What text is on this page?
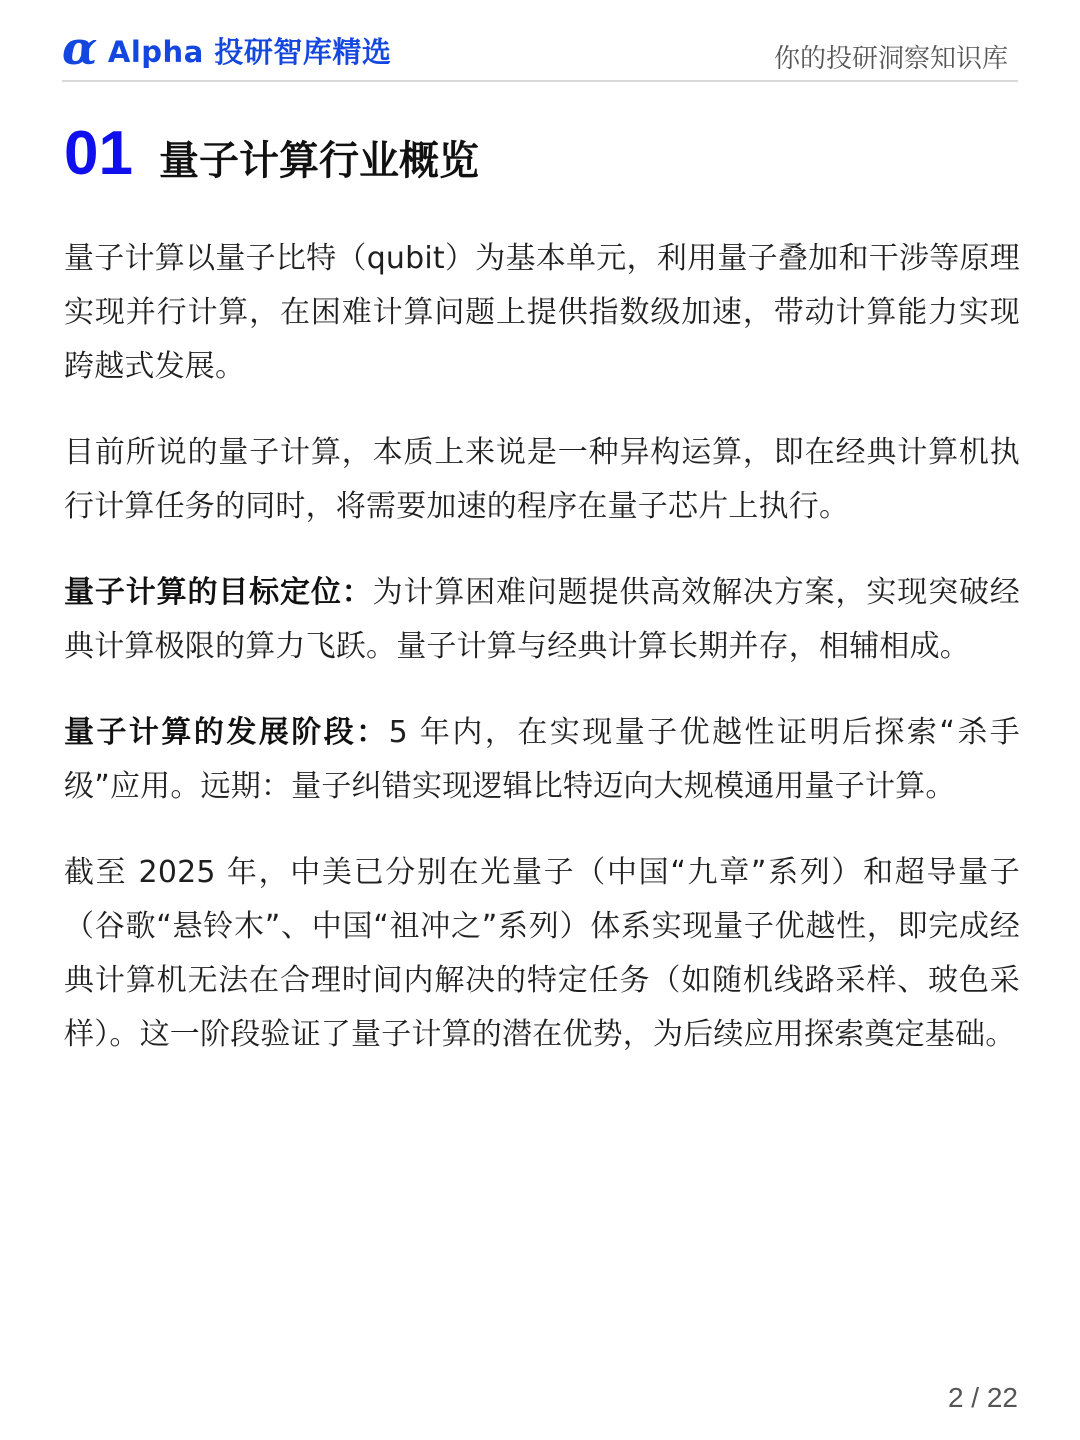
α Alpha 投研智库精选	你的投研洞察知识库
01 量子计算行业概览

量子计算以量子比特（qubit）为基本单元，利用量子叠加和干涉等原理实现并行计算，在困难计算问题上提供指数级加速，带动计算能力实现跨越式发展。

目前所说的量子计算，本质上来说是一种异构运算，即在经典计算机执行计算任务的同时，将需要加速的程序在量子芯片上执行。

量子计算的目标定位：为计算困难问题提供高效解决方案，实现突破经典计算极限的算力飞跃。量子计算与经典计算长期并存，相辅相成。

量子计算的发展阶段：5 年内，在实现量子优越性证明后探索“杀手级”应用。远期：量子纠错实现逻辑比特迈向大规模通用量子计算。

截至 2025 年，中美已分别在光量子（中国“九章”系列）和超导量子（谷歌“悬铃木”、中国“祖冲之”系列）体系实现量子优越性，即完成经典计算机无法在合理时间内解决的特定任务（如随机线路采样、玻色采样）。这一阶段验证了量子计算的潜在优势，为后续应用探索奠定基础。

2 / 22
